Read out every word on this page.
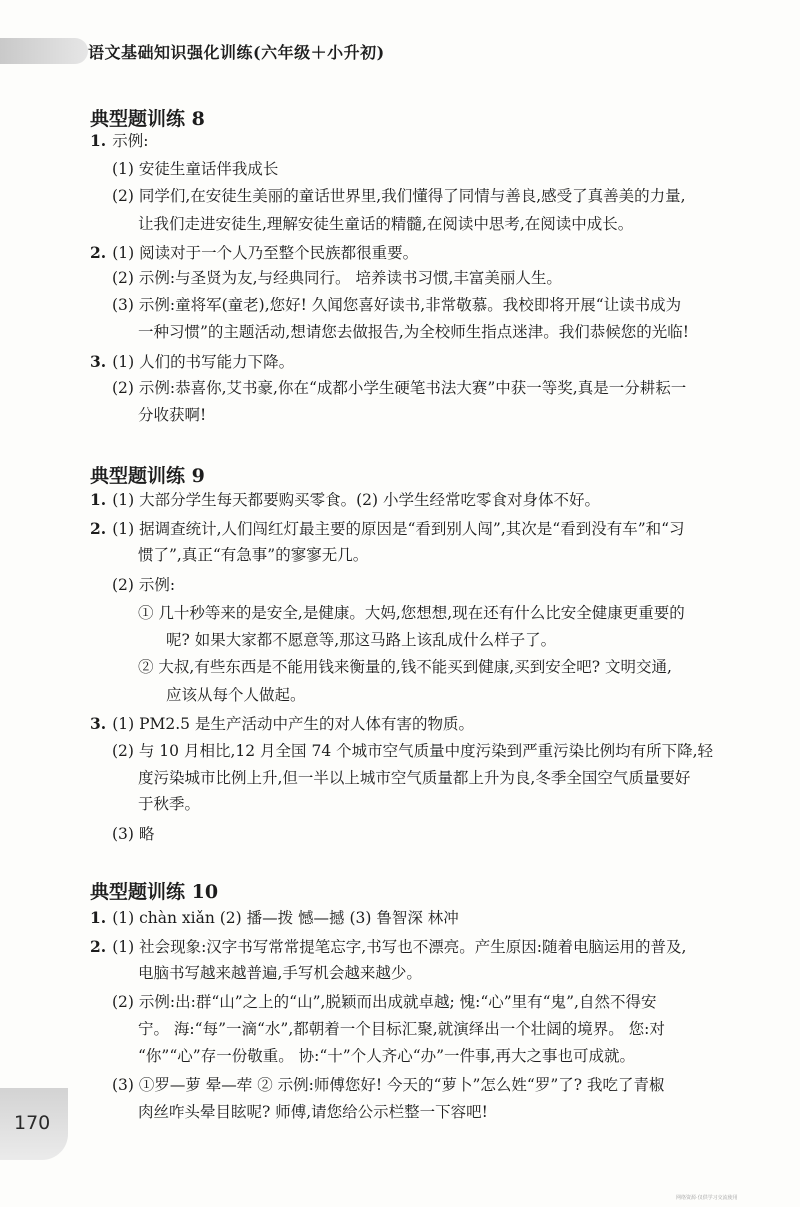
语文基础知识强化训练(六年级＋小升初)
典型题训练 8
典型题训练 9
典型题训练 10
1. 示例:
(1) 安徒生童话伴我成长
(2) 同学们,在安徒生美丽的童话世界里,我们懂得了同情与善良,感受了真善美的力量,
让我们走进安徒生,理解安徒生童话的精髓,在阅读中思考,在阅读中成长。
2. (1) 阅读对于一个人乃至整个民族都很重要。
(2) 示例:与圣贤为友,与经典同行。 培养读书习惯,丰富美丽人生。
(3) 示例:童将军(童老),您好! 久闻您喜好读书,非常敬慕。我校即将开展“让读书成为
一种习惯”的主题活动,想请您去做报告,为全校师生指点迷津。我们恭候您的光临!
3. (1) 人们的书写能力下降。
(2) 示例:恭喜你,艾书豪,你在“成都小学生硬笔书法大赛”中获一等奖,真是一分耕耘一
分收获啊!
1. (1) 大部分学生每天都要购买零食。(2) 小学生经常吃零食对身体不好。
2. (1) 据调查统计,人们闯红灯最主要的原因是“看到别人闯”,其次是“看到没有车”和“习
惯了”,真正“有急事”的寥寥无几。
(2) 示例:
① 几十秒等来的是安全,是健康。大妈,您想想,现在还有什么比安全健康更重要的
呢? 如果大家都不愿意等,那这马路上该乱成什么样子了。
② 大叔,有些东西是不能用钱来衡量的,钱不能买到健康,买到安全吧? 文明交通,
应该从每个人做起。
3. (1) PM2.5 是生产活动中产生的对人体有害的物质。
(2) 与 10 月相比,12 月全国 74 个城市空气质量中度污染到严重污染比例均有所下降,轻
度污染城市比例上升,但一半以上城市空气质量都上升为良,冬季全国空气质量要好
于秋季。
(3) 略
1. (1) chàn xiǎn (2) 播—拨 憾—撼 (3) 鲁智深 林冲
2. (1) 社会现象:汉字书写常常提笔忘字,书写也不漂亮。产生原因:随着电脑运用的普及,
电脑书写越来越普遍,手写机会越来越少。
(2) 示例:出:群“山”之上的“山”,脱颖而出成就卓越; 愧:“心”里有“鬼”,自然不得安
宁。 海:“每”一滴“水”,都朝着一个目标汇聚,就演绎出一个壮阔的境界。 您:对
“你”“心”存一份敬重。 协:“十”个人齐心“办”一件事,再大之事也可成就。
(3) ①罗—萝 晕—荦 ② 示例:师傅您好! 今天的“萝卜”怎么姓“罗”了? 我吃了青椒
肉丝咋头晕目眩呢? 师傅,请您给公示栏整一下容吧!
170
网络资源·仅供学习交流使用
